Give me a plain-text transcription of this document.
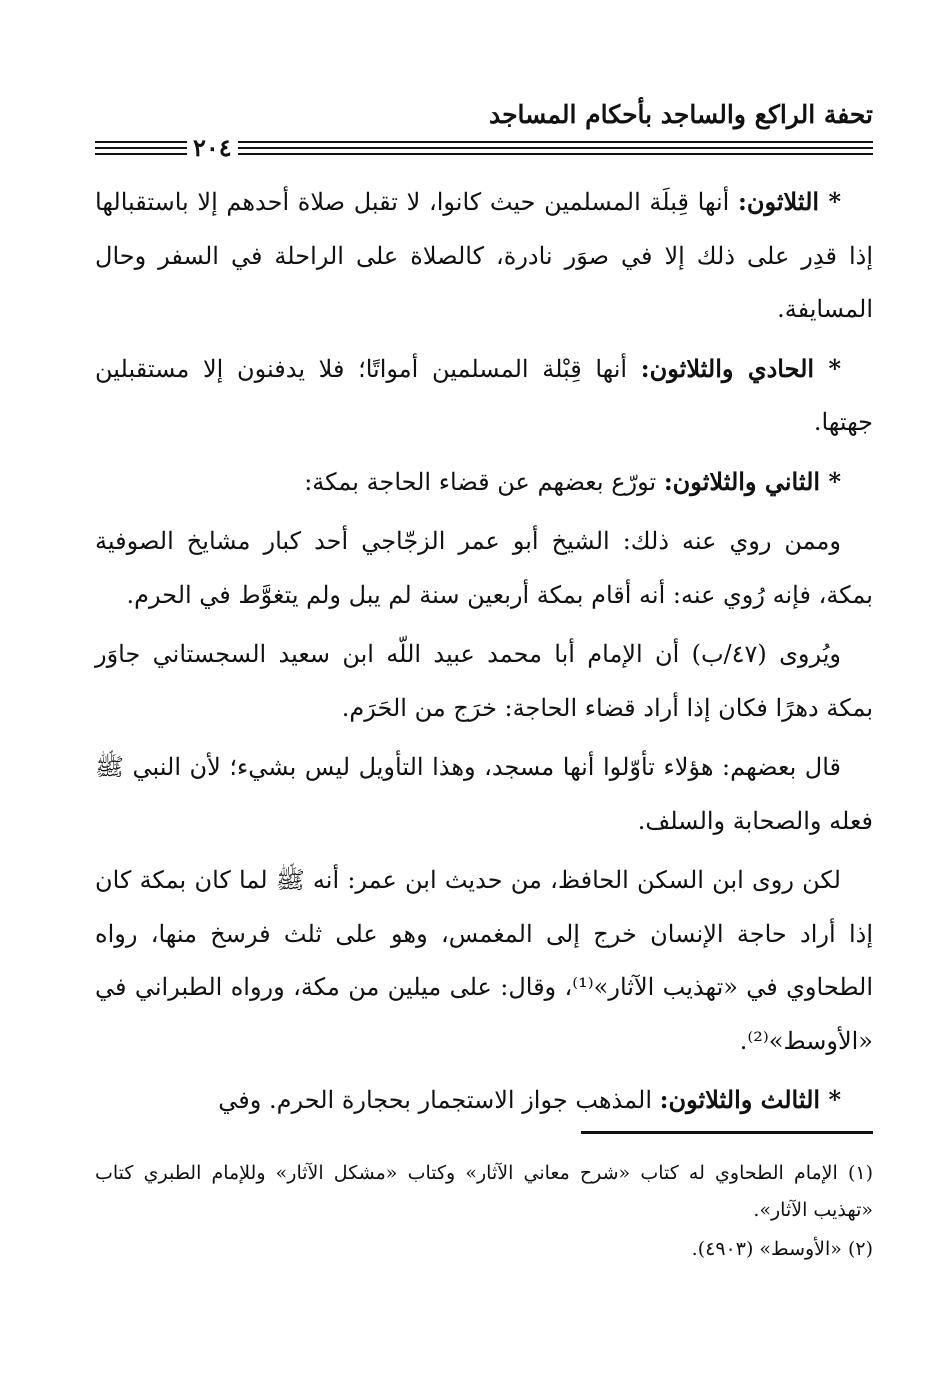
تحفة الراكع والساجد بأحكام المساجد
٢٠٤

* الثلاثون: أنها قِبلَة المسلمين حيث كانوا، لا تقبل صلاة أحدهم إلا باستقبالها إذا قدِر على ذلك إلا في صوَر نادرة، كالصلاة على الراحلة في السفر وحال المسايفة.

* الحادي والثلاثون: أنها قِبْلة المسلمين أمواتًا؛ فلا يدفنون إلا مستقبلين جهتها.

* الثاني والثلاثون: تورّع بعضهم عن قضاء الحاجة بمكة:

وممن روي عنه ذلك: الشيخ أبو عمر الزجّاجي أحد كبار مشايخ الصوفية بمكة، فإنه رُوي عنه: أنه أقام بمكة أربعين سنة لم يبل ولم يتغوَّط في الحرم.

ويُروى (٤٧/ب) أن الإمام أبا محمد عبيد اللّه ابن سعيد السجستاني جاوَر بمكة دهرًا فكان إذا أراد قضاء الحاجة: خرَج من الحَرَم.

قال بعضهم: هؤلاء تأوّلوا أنها مسجد، وهذا التأويل ليس بشيء؛ لأن النبي ﷺ فعله والصحابة والسلف.

لكن روى ابن السكن الحافظ، من حديث ابن عمر: أنه ﷺ لما كان بمكة كان إذا أراد حاجة الإنسان خرج إلى المغمس، وهو على ثلث فرسخ منها، رواه الطحاوي في «تهذيب الآثار»⁽¹⁾، وقال: على ميلين من مكة، ورواه الطبراني في «الأوسط»⁽²⁾.

* الثالث والثلاثون: المذهب جواز الاستجمار بحجارة الحرم. وفي

(١) الإمام الطحاوي له كتاب «شرح معاني الآثار» وكتاب «مشكل الآثار» وللإمام الطبري كتاب «تهذيب الآثار».

(٢) «الأوسط» (٤٩٠٣).
